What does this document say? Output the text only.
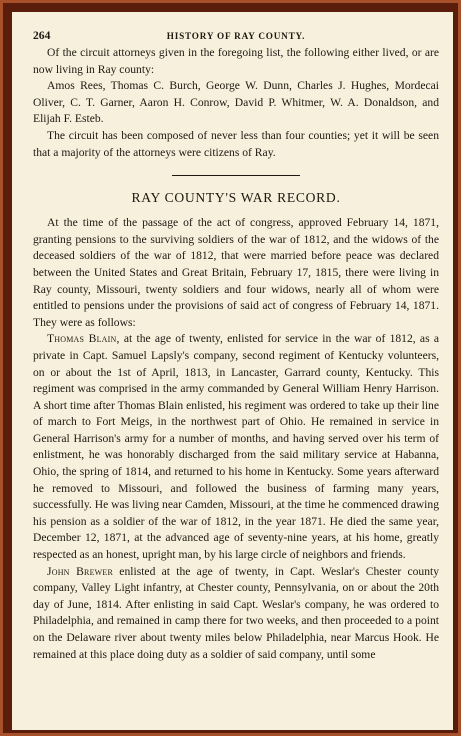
264	HISTORY OF RAY COUNTY.

Of the circuit attorneys given in the foregoing list, the following either lived, or are now living in Ray county:

Amos Rees, Thomas C. Burch, George W. Dunn, Charles J. Hughes, Mordecai Oliver, C. T. Garner, Aaron H. Conrow, David P. Whitmer, W. A. Donaldson, and Elijah F. Esteb.

The circuit has been composed of never less than four counties; yet it will be seen that a majority of the attorneys were citizens of Ray.

RAY COUNTY'S WAR RECORD.

At the time of the passage of the act of congress, approved February 14, 1871, granting pensions to the surviving soldiers of the war of 1812, and the widows of the deceased soldiers of the war of 1812, that were married before peace was declared between the United States and Great Britain, February 17, 1815, there were living in Ray county, Missouri, twenty soldiers and four widows, nearly all of whom were entitled to pensions under the provisions of said act of congress of February 14, 1871. They were as follows:

Thomas Blain, at the age of twenty, enlisted for service in the war of 1812, as a private in Capt. Samuel Lapsly's company, second regiment of Kentucky volunteers, on or about the 1st of April, 1813, in Lancaster, Garrard county, Kentucky. This regiment was comprised in the army commanded by General William Henry Harrison. A short time after Thomas Blain enlisted, his regiment was ordered to take up their line of march to Fort Meigs, in the northwest part of Ohio. He remained in service in General Harrison's army for a number of months, and having served over his term of enlistment, he was honorably discharged from the said military service at Habanna, Ohio, the spring of 1814, and returned to his home in Kentucky. Some years afterward he removed to Missouri, and followed the business of farming many years, successfully. He was living near Camden, Missouri, at the time he commenced drawing his pension as a soldier of the war of 1812, in the year 1871. He died the same year, December 12, 1871, at the advanced age of seventy-nine years, at his home, greatly respected as an honest, upright man, by his large circle of neighbors and friends.

John Brewer enlisted at the age of twenty, in Capt. Weslar's Chester county company, Valley Light infantry, at Chester county, Pennsylvania, on or about the 20th day of June, 1814. After enlisting in said Capt. Weslar's company, he was ordered to Philadelphia, and remained in camp there for two weeks, and then proceeded to a point on the Delaware river about twenty miles below Philadelphia, near Marcus Hook. He remained at this place doing duty as a soldier of said company, until some
